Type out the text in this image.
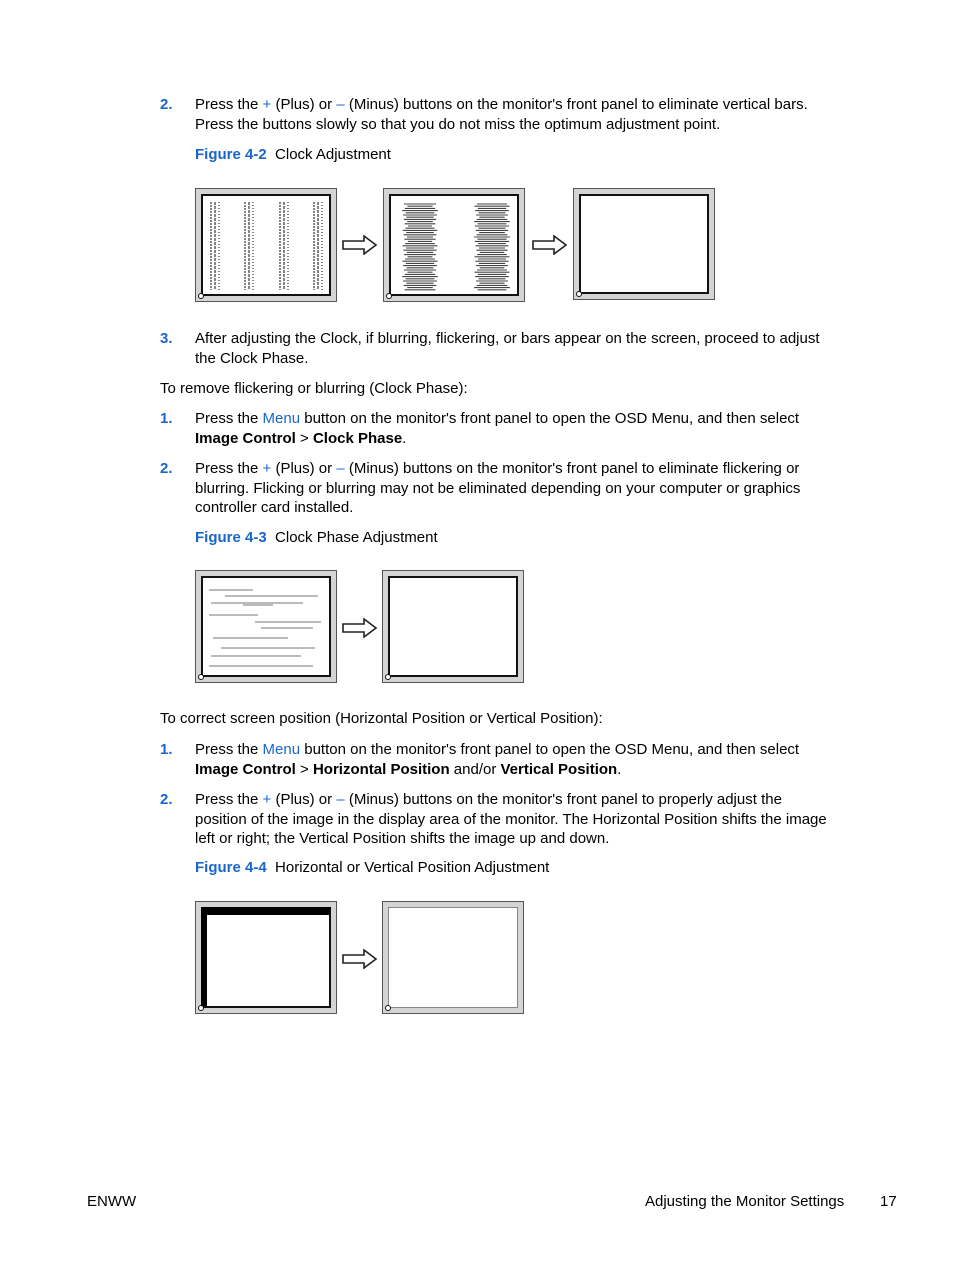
2. Press the + (Plus) or – (Minus) buttons on the monitor's front panel to eliminate vertical bars.
Press the buttons slowly so that you do not miss the optimum adjustment point.
Figure 4-2 Clock Adjustment
3. After adjusting the Clock, if blurring, flickering, or bars appear on the screen, proceed to adjust
the Clock Phase.
To remove flickering or blurring (Clock Phase):
1. Press the Menu button on the monitor's front panel to open the OSD Menu, and then select
Image Control > Clock Phase.
2. Press the + (Plus) or – (Minus) buttons on the monitor's front panel to eliminate flickering or
blurring. Flicking or blurring may not be eliminated depending on your computer or graphics
controller card installed.
Figure 4-3 Clock Phase Adjustment
To correct screen position (Horizontal Position or Vertical Position):
1. Press the Menu button on the monitor's front panel to open the OSD Menu, and then select
Image Control > Horizontal Position and/or Vertical Position.
2. Press the + (Plus) or – (Minus) buttons on the monitor's front panel to properly adjust the
position of the image in the display area of the monitor. The Horizontal Position shifts the image
left or right; the Vertical Position shifts the image up and down.
Figure 4-4 Horizontal or Vertical Position Adjustment
ENWW	Adjusting the Monitor Settings 17
